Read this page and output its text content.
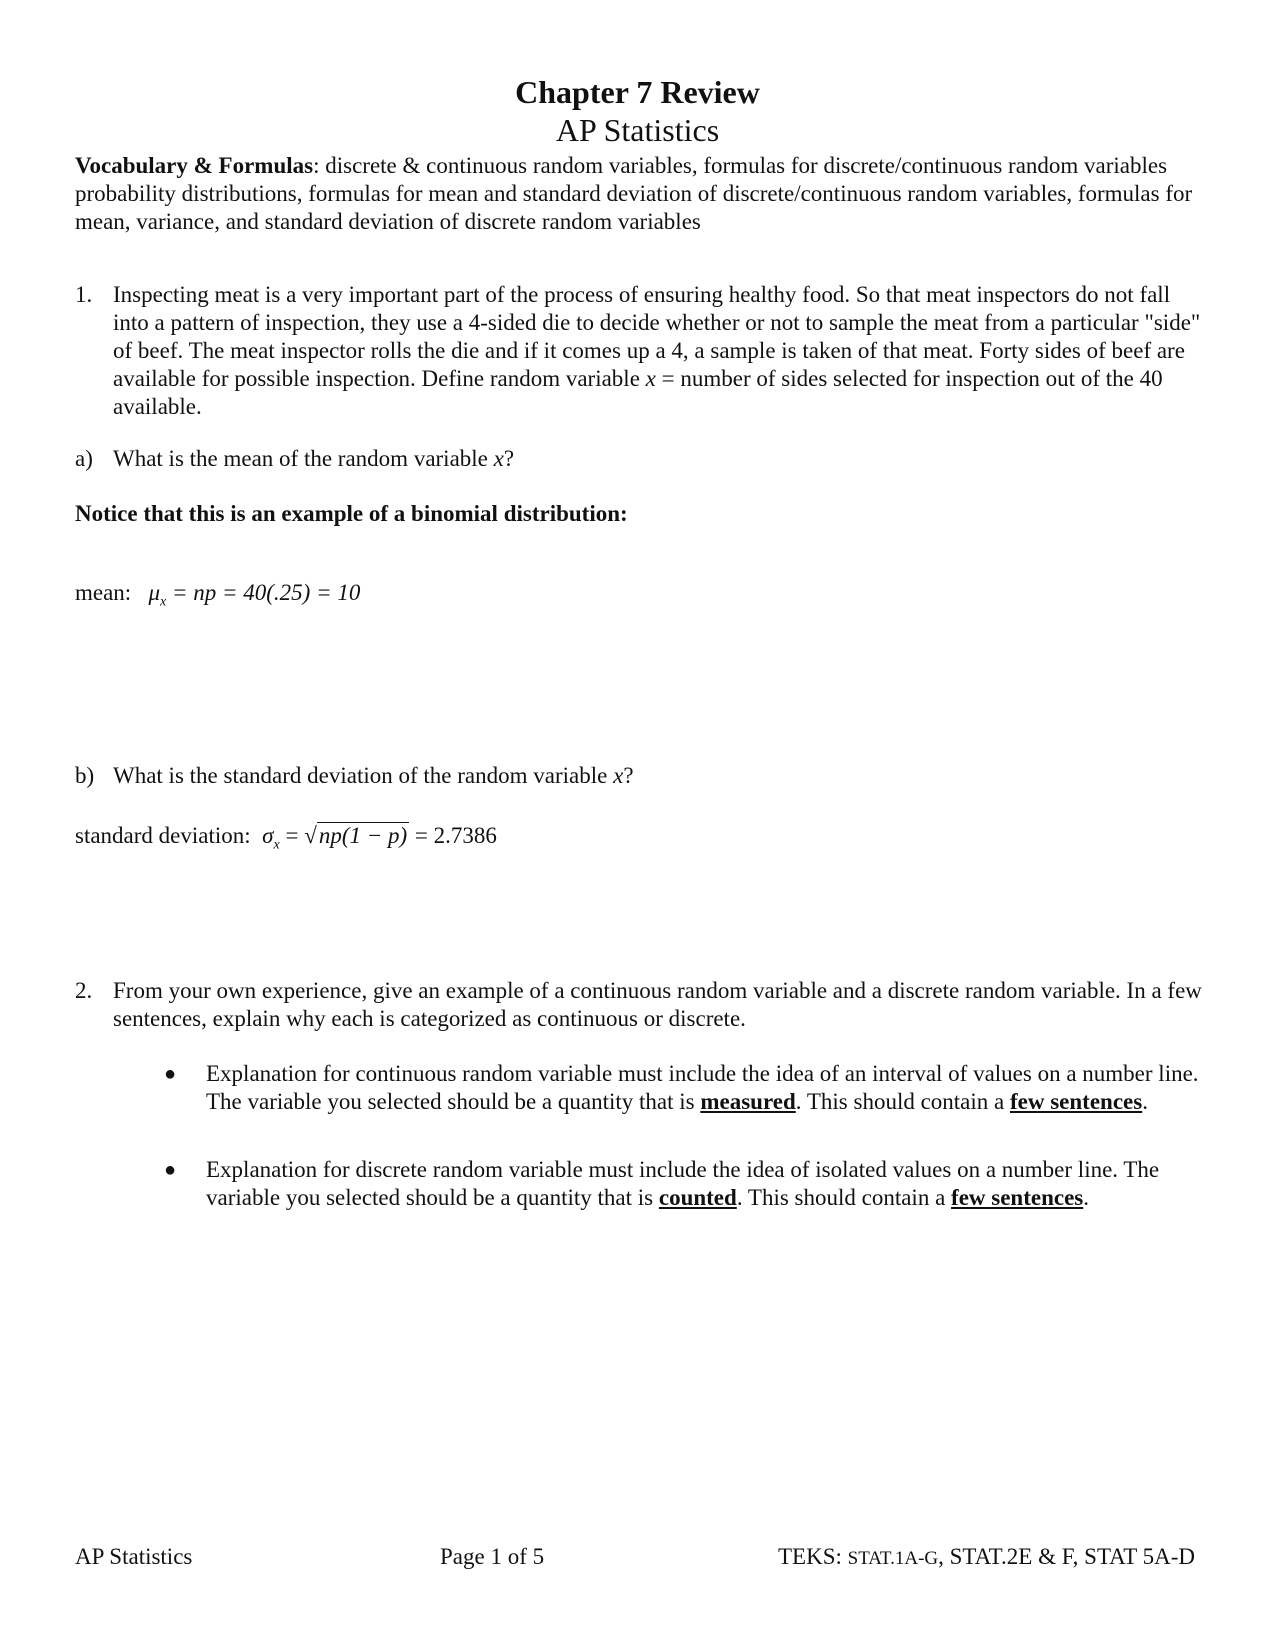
Chapter 7 Review
AP Statistics
Vocabulary & Formulas: discrete & continuous random variables, formulas for discrete/continuous random variables probability distributions, formulas for mean and standard deviation of discrete/continuous random variables, formulas for mean, variance, and standard deviation of discrete random variables
1. Inspecting meat is a very important part of the process of ensuring healthy food. So that meat inspectors do not fall into a pattern of inspection, they use a 4-sided die to decide whether or not to sample the meat from a particular "side" of beef. The meat inspector rolls the die and if it comes up a 4, a sample is taken of that meat. Forty sides of beef are available for possible inspection. Define random variable x = number of sides selected for inspection out of the 40 available.
a) What is the mean of the random variable x?
Notice that this is an example of a binomial distribution:
mean: $\mu_x$ = np = 40(.25) = 10
b) What is the standard deviation of the random variable x?
standard deviation: $\sigma_x = √np(1 - p) = 2.7386$
2. From your own experience, give an example of a continuous random variable and a discrete random variable. In a few sentences, explain why each is categorized as continuous or discrete.
● Explanation for continuous random variable must include the idea of an interval of values on a number line. The variable you selected should be a quantity that is measured. This should contain a few sentences.
● Explanation for discrete random variable must include the idea of isolated values on a number line. The variable you selected should be a quantity that is counted. This should contain a few sentences.
AP Statistics	Page 1 of 5	TEKS: STAT.1A-G, STAT.2E & F, STAT 5A-D
